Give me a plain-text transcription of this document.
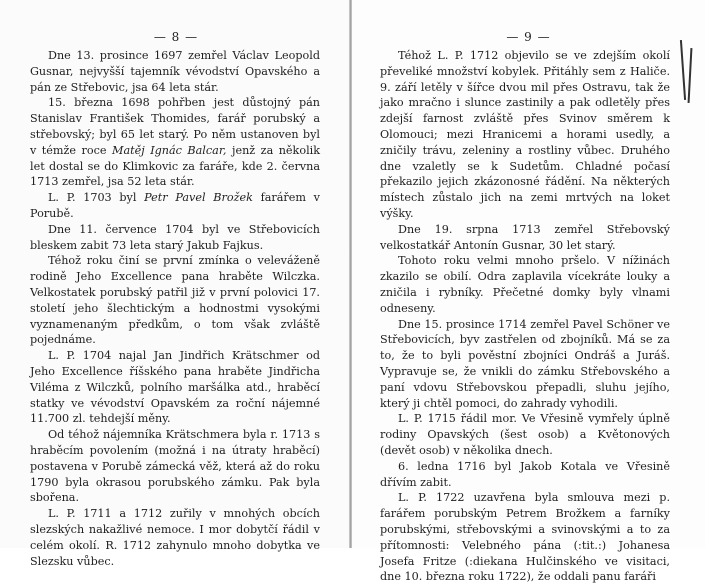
— 8 —

Dne 13. prosince 1697 zemřel Václav Leopold Gusnar, nejvyšší tajemník vévodství Opavského a pán ze Střebovic, jsa 64 leta stár.

15. března 1698 pohřben jest důstojný pán Stanislav František Thomides, farář porubský a střebovský; byl 65 let starý. Po něm ustanoven byl v témže roce Matěj Ignác Balcar, jenž za několik let dostal se do Klimkovic za faráře, kde 2. června 1713 zemřel, jsa 52 leta stár.

L. P. 1703 byl Petr Pavel Brožek farářem v Porubě.

Dne 11. července 1704 byl ve Střebovicích bleskem zabit 73 leta starý Jakub Fajkus.

Téhož roku činí se první zmínka o veleváženě rodině Jeho Excellence pana hraběte Wilczka. Velkostatek porubský patřil již v první polovici 17. století jeho šlechtickým a hodnostmi vysokými vyznamenaným předkům, o tom však zvláště pojednáme.

L. P. 1704 najal Jan Jindřich Krätschmer od Jeho Excellence říšského pana hraběte Jindřicha Viléma z Wilczků, polního maršálka atd., hraběcí statky ve vévodství Opavském za roční nájemné 11.700 zl. tehdejší měny.

Od téhož nájemníka Krätschmera byla r. 1713 s hraběcím povolením (možná i na útraty hraběcí) postavena v Porubě zámecká věž, která až do roku 1790 byla okrasou porubského zámku. Pak byla sbořena.

L. P. 1711 a 1712 zuřily v mnohých obcích slezských nakažlivé nemoce. I mor dobytčí řádil v celém okolí. R. 1712 zahynulo mnoho dobytka ve Slezsku vůbec.

— 9 —

Téhož L. P. 1712 objevilo se ve zdejším okolí převeliké množství kobylek. Přitáhly sem z Haliče. 9. září letěly v šířce dvou mil přes Ostravu, tak že jako mračno i slunce zastinily a pak odletěly přes zdejší farnost zvláště přes Svinov směrem k Olomouci; mezi Hranicemi a horami usedly, a zničily trávu, zeleniny a rostliny vůbec. Druhého dne vzaletly se k Sudetům. Chladné počasí překazilo jejich zkázonosné řádění. Na některých místech zůstalo jich na zemi mrtvých na loket výšky.

Dne 19. srpna 1713 zemřel Střebovský velkostatkář Antonín Gusnar, 30 let starý.

Tohoto roku velmi mnoho pršelo. V nížinách zkazilo se obilí. Odra zaplavila vícekráte louky a zničila i rybníky. Přečetné domky byly vlnami odneseny.

Dne 15. prosince 1714 zemřel Pavel Schöner ve Střebovicích, byv zastřelen od zbojníků. Má se za to, že to byli pověstní zbojníci Ondráš a Juráš. Vypravuje se, že vnikli do zámku Střebovského a paní vdovu Střebovskou přepadli, sluhu jejího, který ji chtěl pomoci, do zahrady vyhodili.

L. P. 1715 řádil mor. Ve Vřesině vymřely úplně rodiny Opavských (šest osob) a Květonových (devět osob) v několika dnech.

6. ledna 1716 byl Jakob Kotala ve Vřesině dřívím zabit.

L. P. 1722 uzavřena byla smlouva mezi p. farářem porubským Petrem Brožkem a farníky porubskými, střebovskými a svinovskými a to za přítomnosti: Velebného pána (:tit.:) Johanesa Josefa Fritze (:diekana Hulčinského ve visitaci, dne 10. března roku 1722), že oddali panu faráři
